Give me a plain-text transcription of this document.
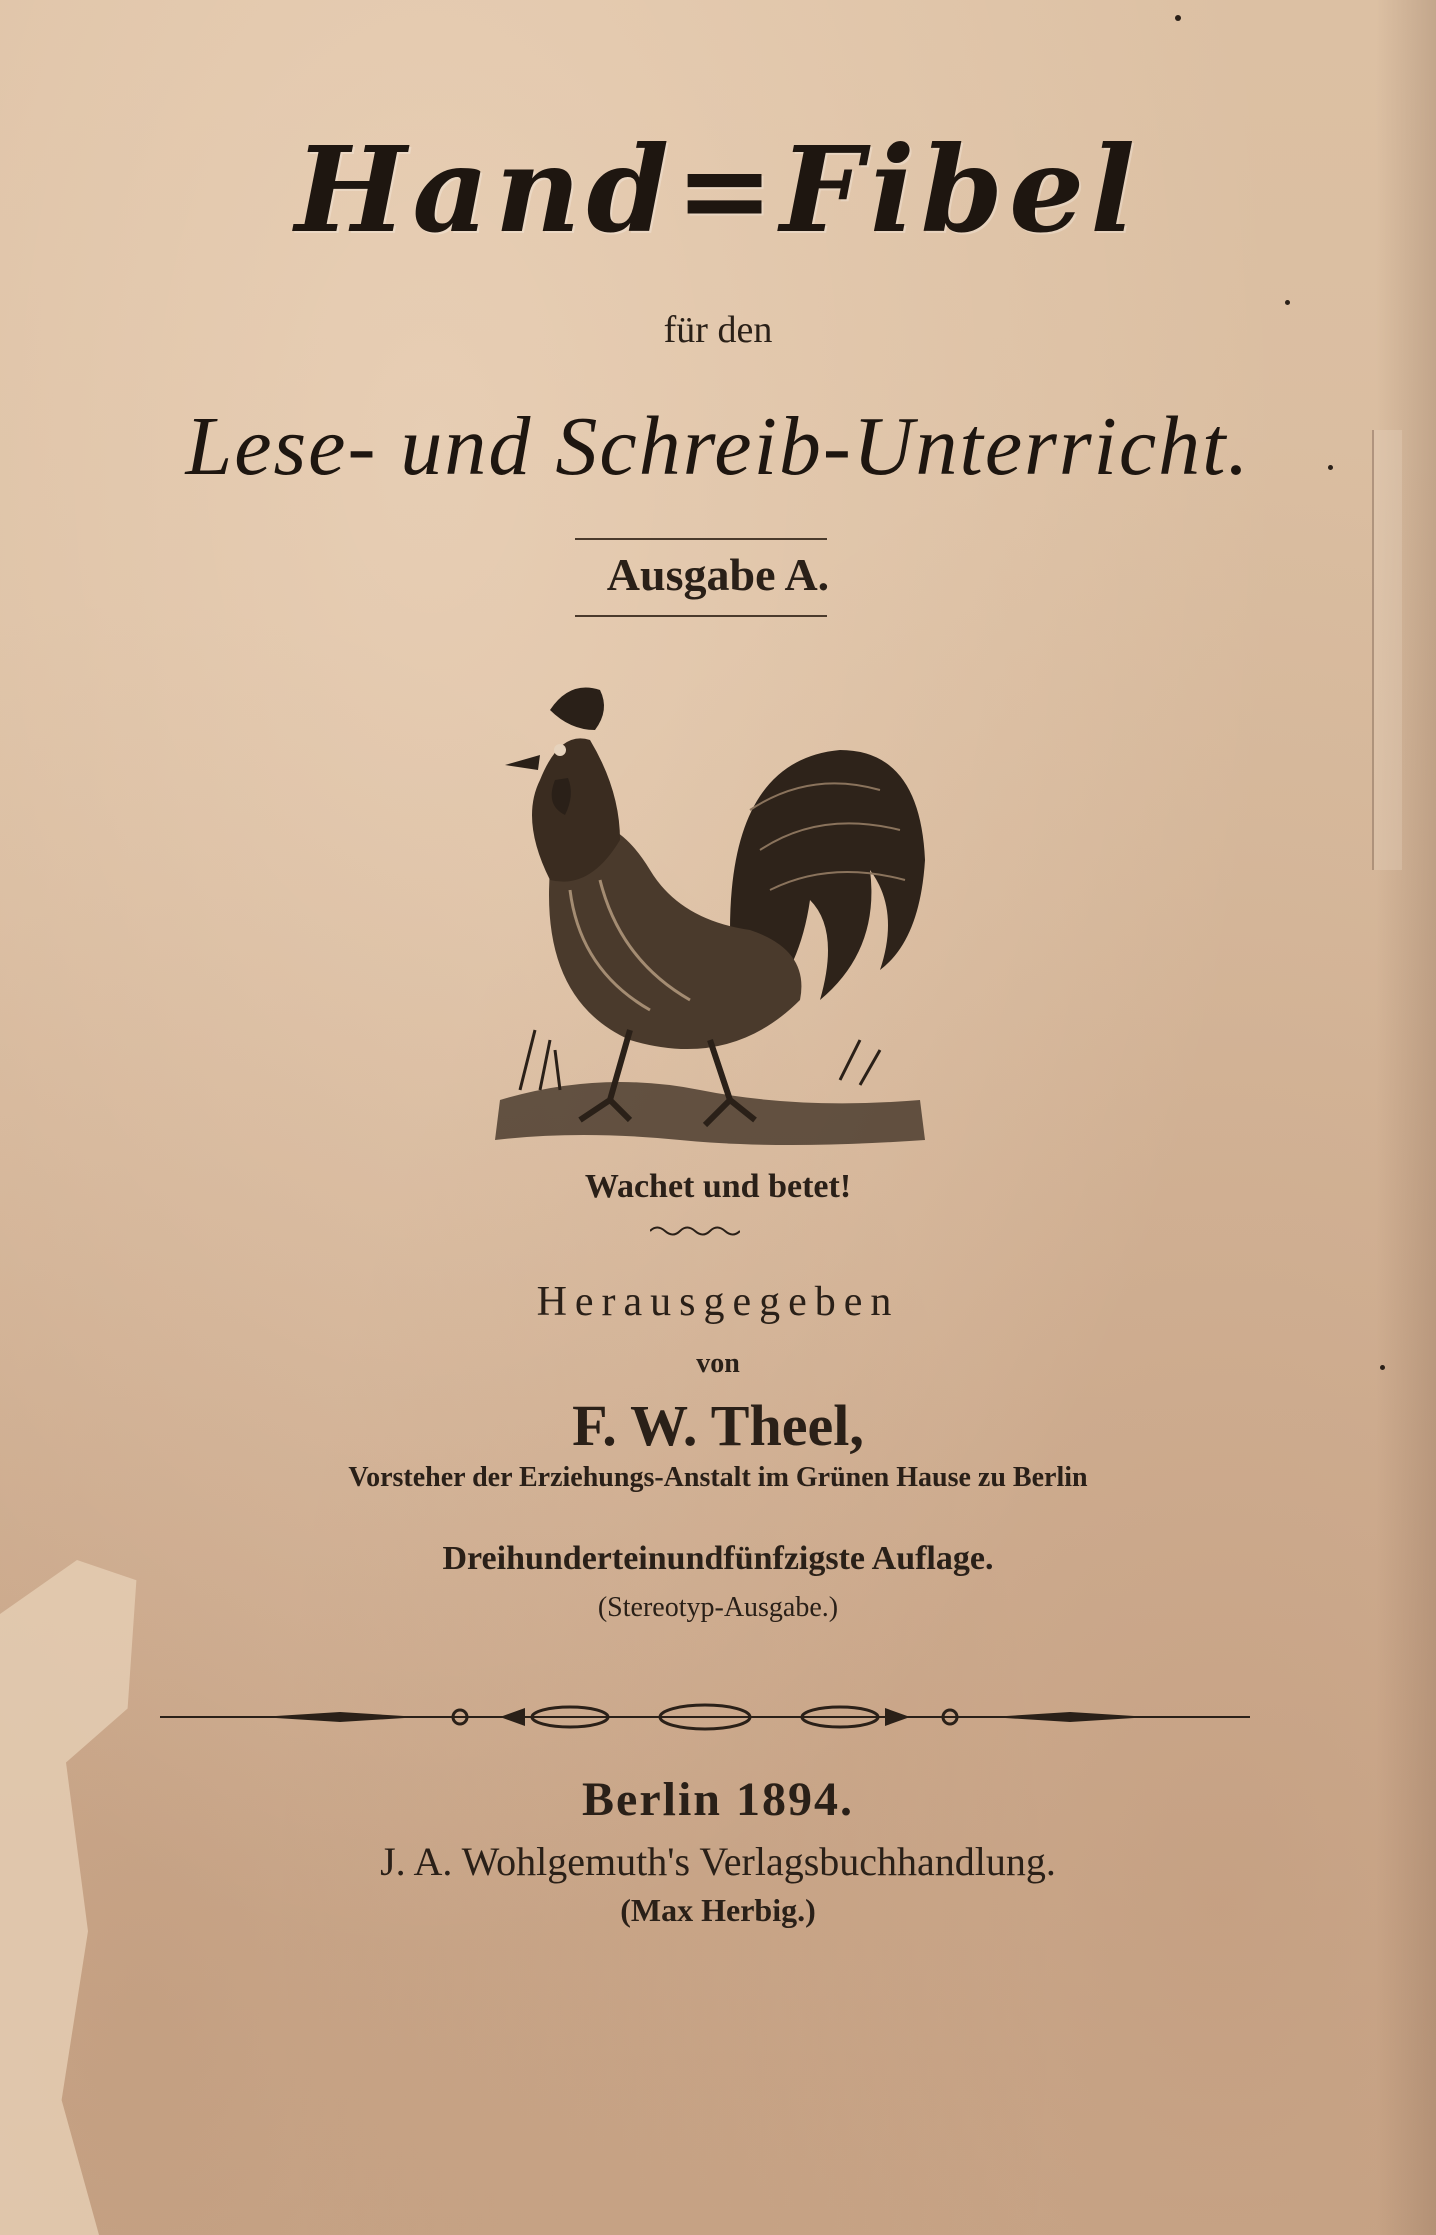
Hand=Fibel

für den

Lese- und Schreib-Unterricht.

Ausgabe A.

Wachet und betet!

Herausgegeben

von

F. W. Theel,

Vorsteher der Erziehungs-Anstalt im Grünen Hause zu Berlin

Dreihunderteinundfünfzigste Auflage.

(Stereotyp-Ausgabe.)

Berlin 1894.

J. A. Wohlgemuth's Verlagsbuchhandlung.

(Max Herbig.)
